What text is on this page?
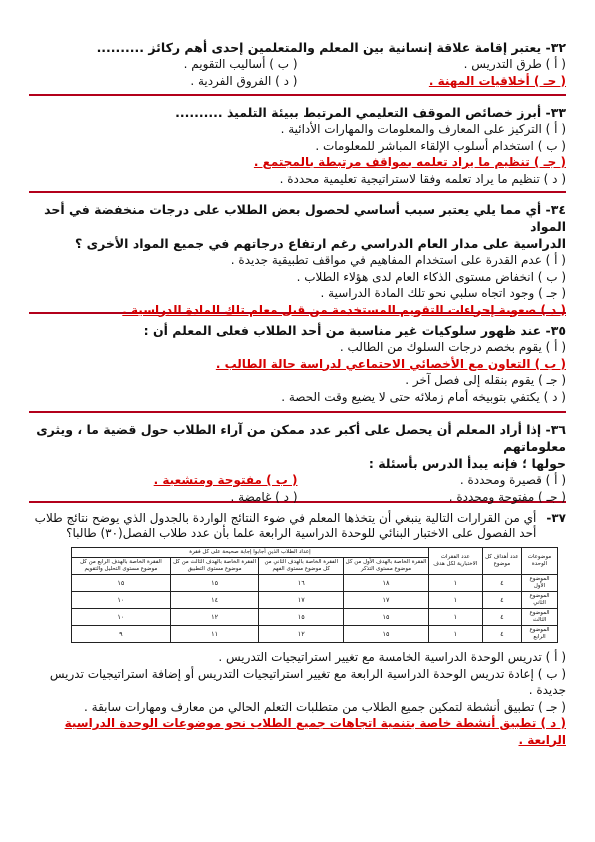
٣٢- يعتبر إقامة علاقة إنسانية بين المعلم والمتعلمين إحدى أهم ركائز ..........
( أ ) طرق التدريس .
( ب ) أساليب التقويم .
( جـ ) أخلاقيات المهنة .
( د ) الفروق الفردية .
٣٣- أبرز خصائص الموقف التعليمي المرتبط ببيئة التلميذ ..........
( أ ) التركيز على المعارف والمعلومات والمهارات الأدائية .
( ب ) استخدام أسلوب الإلقاء المباشر للمعلومات .
( جـ ) تنظيم ما يراد تعلمه بمواقف مرتبطة بالمجتمع .
( د ) تنظيم ما يراد تعلمه وفقا لاستراتيجية تعليمية محددة .
٣٤- أي مما يلي يعتبر سبب أساسي لحصول بعض الطلاب على درجات منخفضة في أحد المواد
الدراسية على مدار العام الدراسي رغم ارتفاع درجاتهم في جميع المواد الأخرى ؟
( أ ) عدم القدرة على استخدام المفاهيم في مواقف تطبيقية جديدة .
( ب ) انخفاض مستوى الذكاء العام لدى هؤلاء الطلاب .
( جـ ) وجود اتجاه سلبي نحو تلك المادة الدراسية .
( د ) صعوبة إجراءات التقويم المستخدمة من قبل معلم تلك المادة الدراسية .
٣٥- عند ظهور سلوكيات غير مناسبة من أحد الطلاب فعلى المعلم أن :
( أ ) يقوم بخصم درجات السلوك من الطالب .
( ب ) التعاون مع الأخصائي الاجتماعي لدراسة حالة الطالب .
( جـ ) يقوم بنقله إلى فصل آخر .
( د ) يكتفي بتوبيخه أمام زملائه حتى لا يضيع وقت الحصة .
٣٦- إذا أراد المعلم أن يحصل على أكبر عدد ممكن من آراء الطلاب حول قضية ما ، ويثرى معلوماتهم
حولها ؛ فإنه يبدأ الدرس بأسئلة :
( أ ) قصيرة ومحددة .
( ب ) مفتوحة ومتشعبة .
( جـ ) مفتوحة ومحددة .
( د ) غامضة .
٣٧-
أي من القرارات التالية ينبغي أن يتخذها المعلم في ضوء النتائج الواردة بالجدول الذي يوضح نتائج طلاب أحد الفصول على الاختبار البنائي للوحدة الدراسية الرابعة علما بأن عدد طلاب الفصل(٣٠) طالبا؟
موضوعات الوحدة	عدد أهداف كل موضوع	عدد الفقرات الاختبارية لكل هدف	إعداد الطلاب الذين أجابوا إجابة صحيحة على كل فقرة			
			الفقرة الخاصة بالهدف الأول من كل موضوع مستوى التذكر	الفقرة الخاصة بالهدف الثاني من كل موضوع مستوى الفهم	الفقرة الخاصة بالهدف الثالث من كل موضوع مستوى التطبيق	الفقرة الخاصة بالهدف الرابع من كل موضوع مستوى التحليل والتقويم
الموضوع الأول	٤	١	١٨	١٦	١٥	١٥
الموضوع الثاني	٤	١	١٧	١٧	١٤	١٠
الموضوع الثالث	٤	١	١٥	١٥	١٢	١٠
الموضوع الرابع	٤	١	١٥	١٢	١١	٩
( أ ) تدريس الوحدة الدراسية الخامسة مع تغيير استراتيجيات التدريس .
( ب ) إعادة تدريس الوحدة الدراسية الرابعة مع تغيير استراتيجيات التدريس أو إضافة استراتيجيات تدريس جديدة .
( جـ ) تطبيق أنشطة لتمكين جميع الطلاب من متطلبات التعلم الحالي من معارف ومهارات سابقة .
( د ) تطبيق أنشطة خاصة بتنمية اتجاهات جميع الطلاب نحو موضوعات الوحدة الدراسية الرابعة .
